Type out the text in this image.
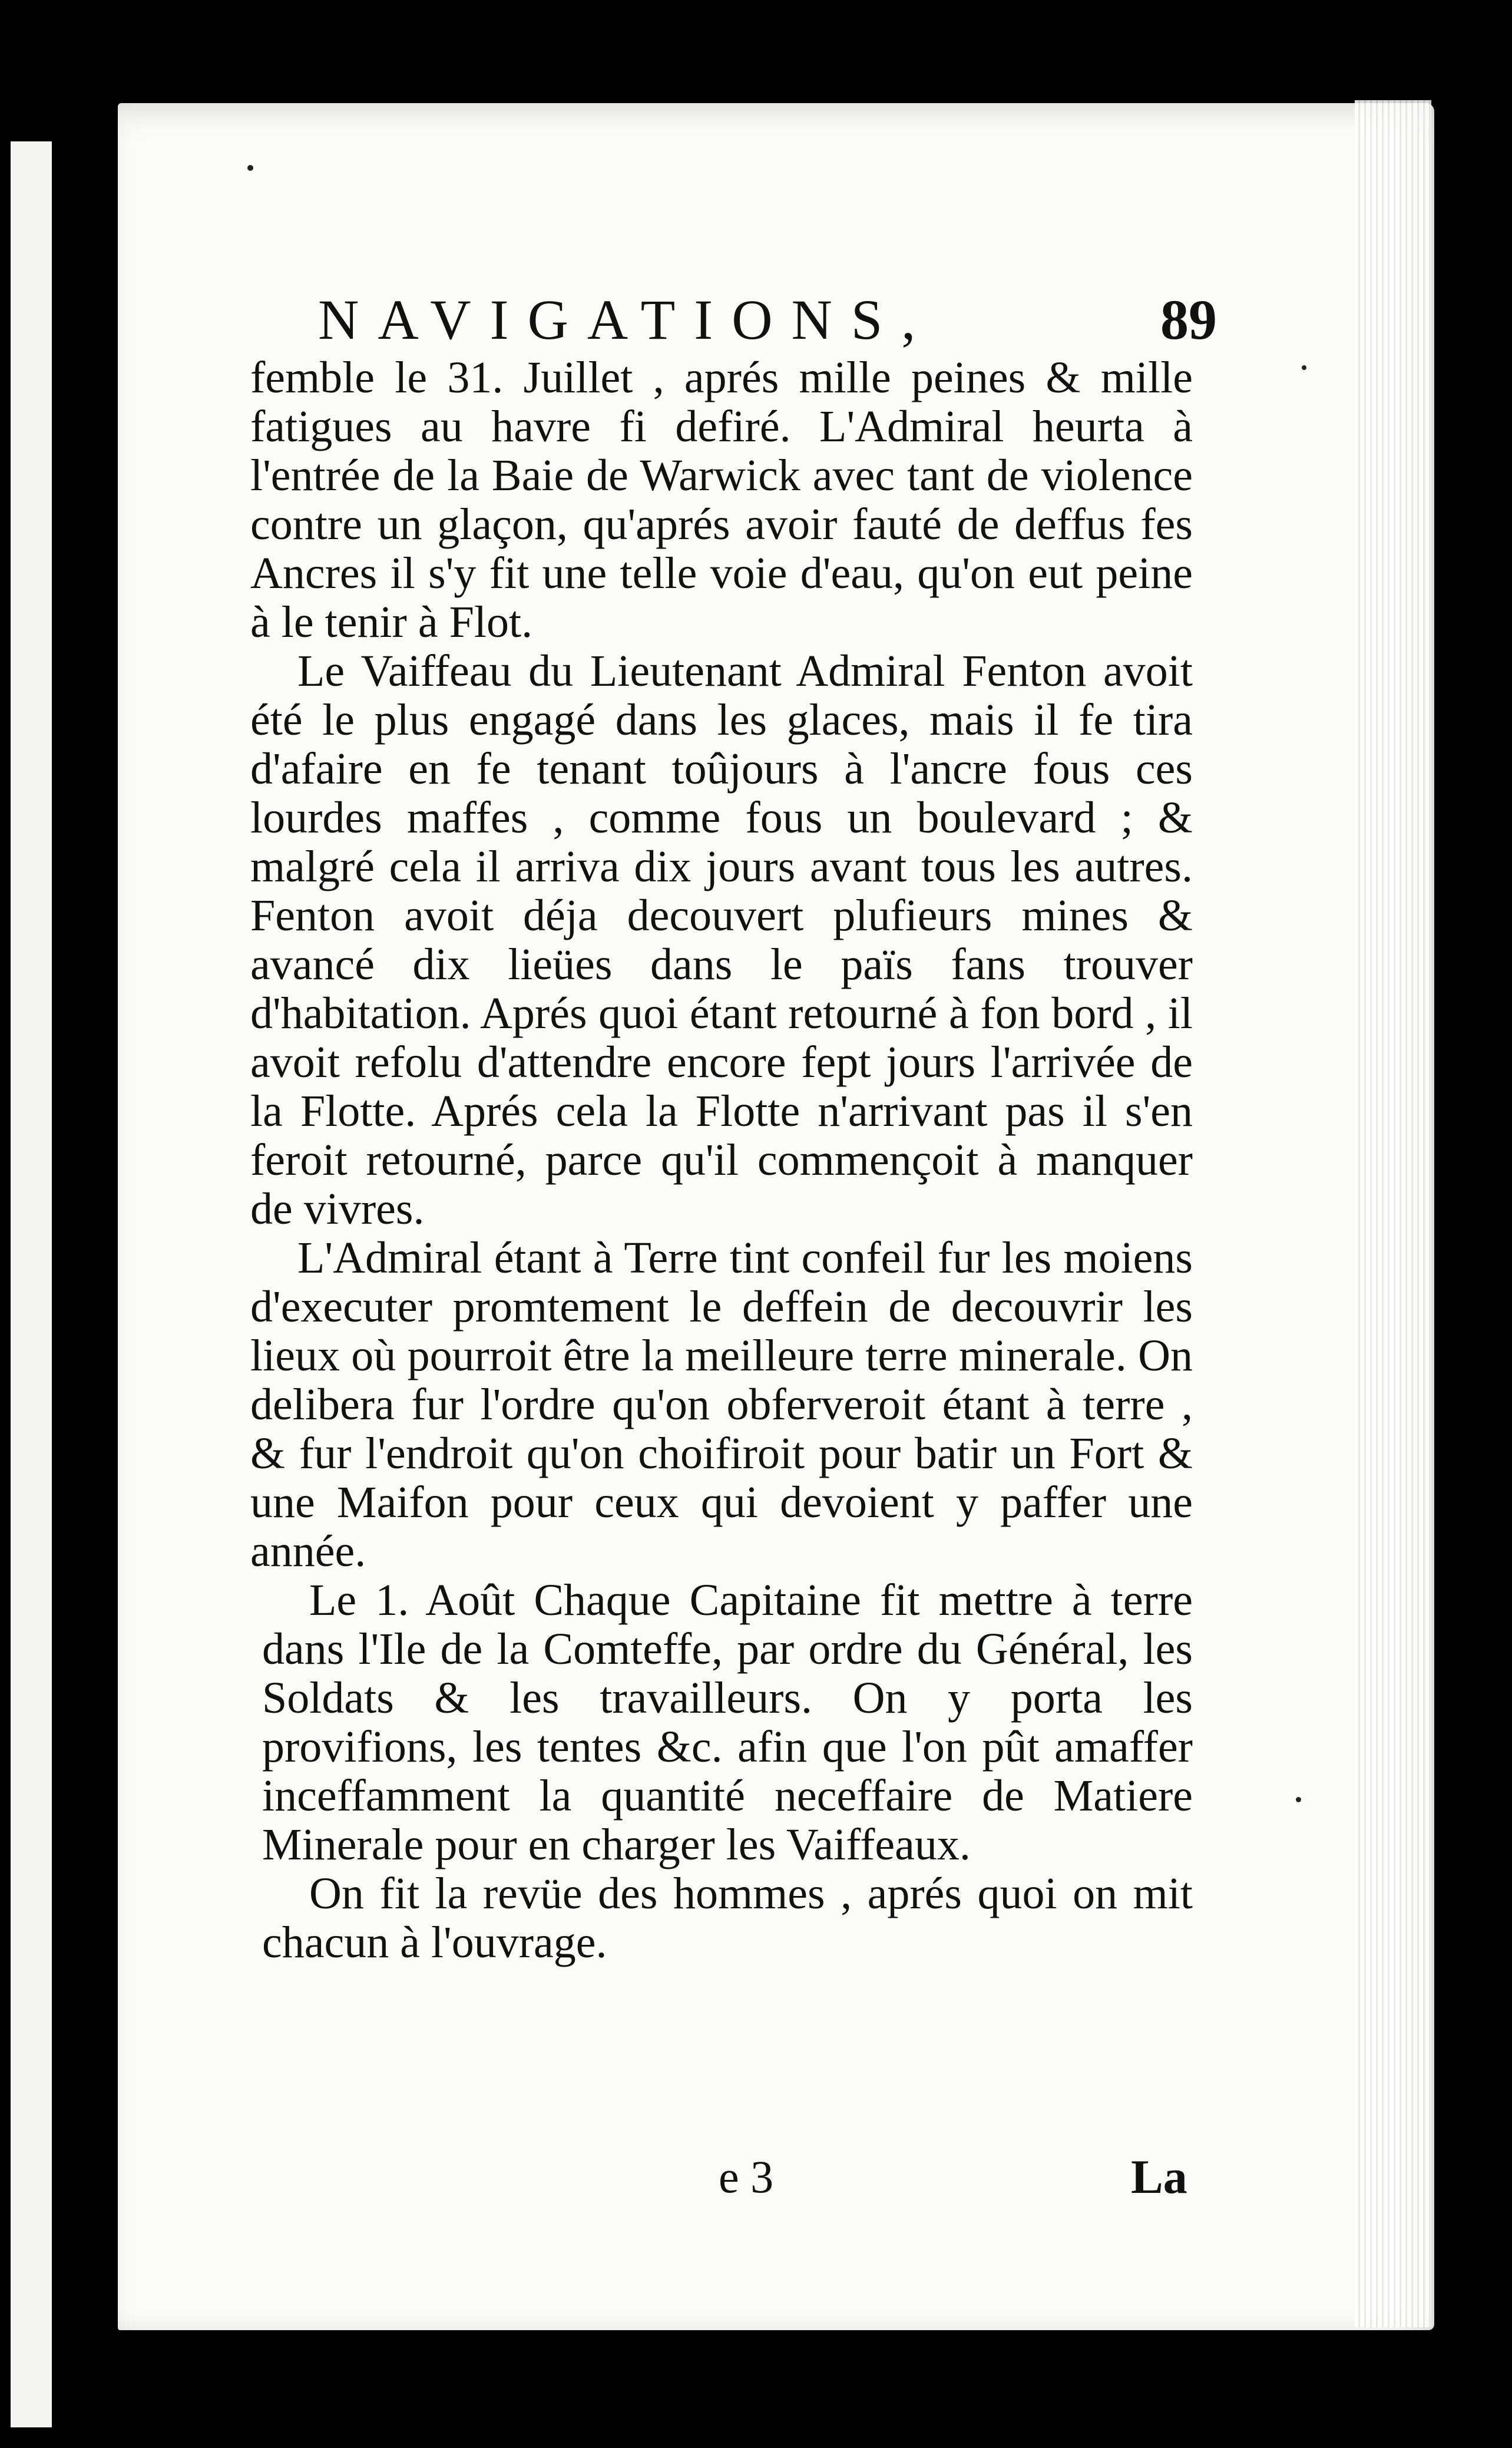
NAVIGATIONS,	89

femble le 31. Juillet , aprés mille peines & mille fatigues au havre fi defiré. L'Admiral heurta à l'entrée de la Baie de Warwick avec tant de violence contre un glaçon, qu'aprés avoir fauté de deffus fes Ancres il s'y fit une telle voie d'eau, qu'on eut peine à le tenir à Flot.

Le Vaiffeau du Lieutenant Admiral Fenton avoit été le plus engagé dans les glaces, mais il fe tira d'afaire en fe tenant toûjours à l'ancre fous ces lourdes maffes , comme fous un boulevard ; & malgré cela il arriva dix jours avant tous les autres. Fenton avoit déja decouvert plufieurs mines & avancé dix lieües dans le païs fans trouver d'habitation. Aprés quoi étant retourné à fon bord , il avoit refolu d'attendre encore fept jours l'arrivée de la Flotte. Aprés cela la Flotte n'arrivant pas il s'en feroit retourné, parce qu'il commençoit à manquer de vivres.

L'Admiral étant à Terre tint confeil fur les moiens d'executer promtement le deffein de decouvrir les lieux où pourroit être la meilleure terre minerale. On delibera fur l'ordre qu'on obferveroit étant à terre , & fur l'endroit qu'on choifiroit pour batir un Fort & une Maifon pour ceux qui devoient y paffer une année.

Le 1. Août Chaque Capitaine fit mettre à terre dans l'Ile de la Comteffe, par ordre du Général, les Soldats & les travailleurs. On y porta les provifions, les tentes &c. afin que l'on pût amaffer inceffamment la quantité neceffaire de Matiere Minerale pour en charger les Vaiffeaux.

On fit la revüe des hommes , aprés quoi on mit chacun à l'ouvrage.

e 3	La
